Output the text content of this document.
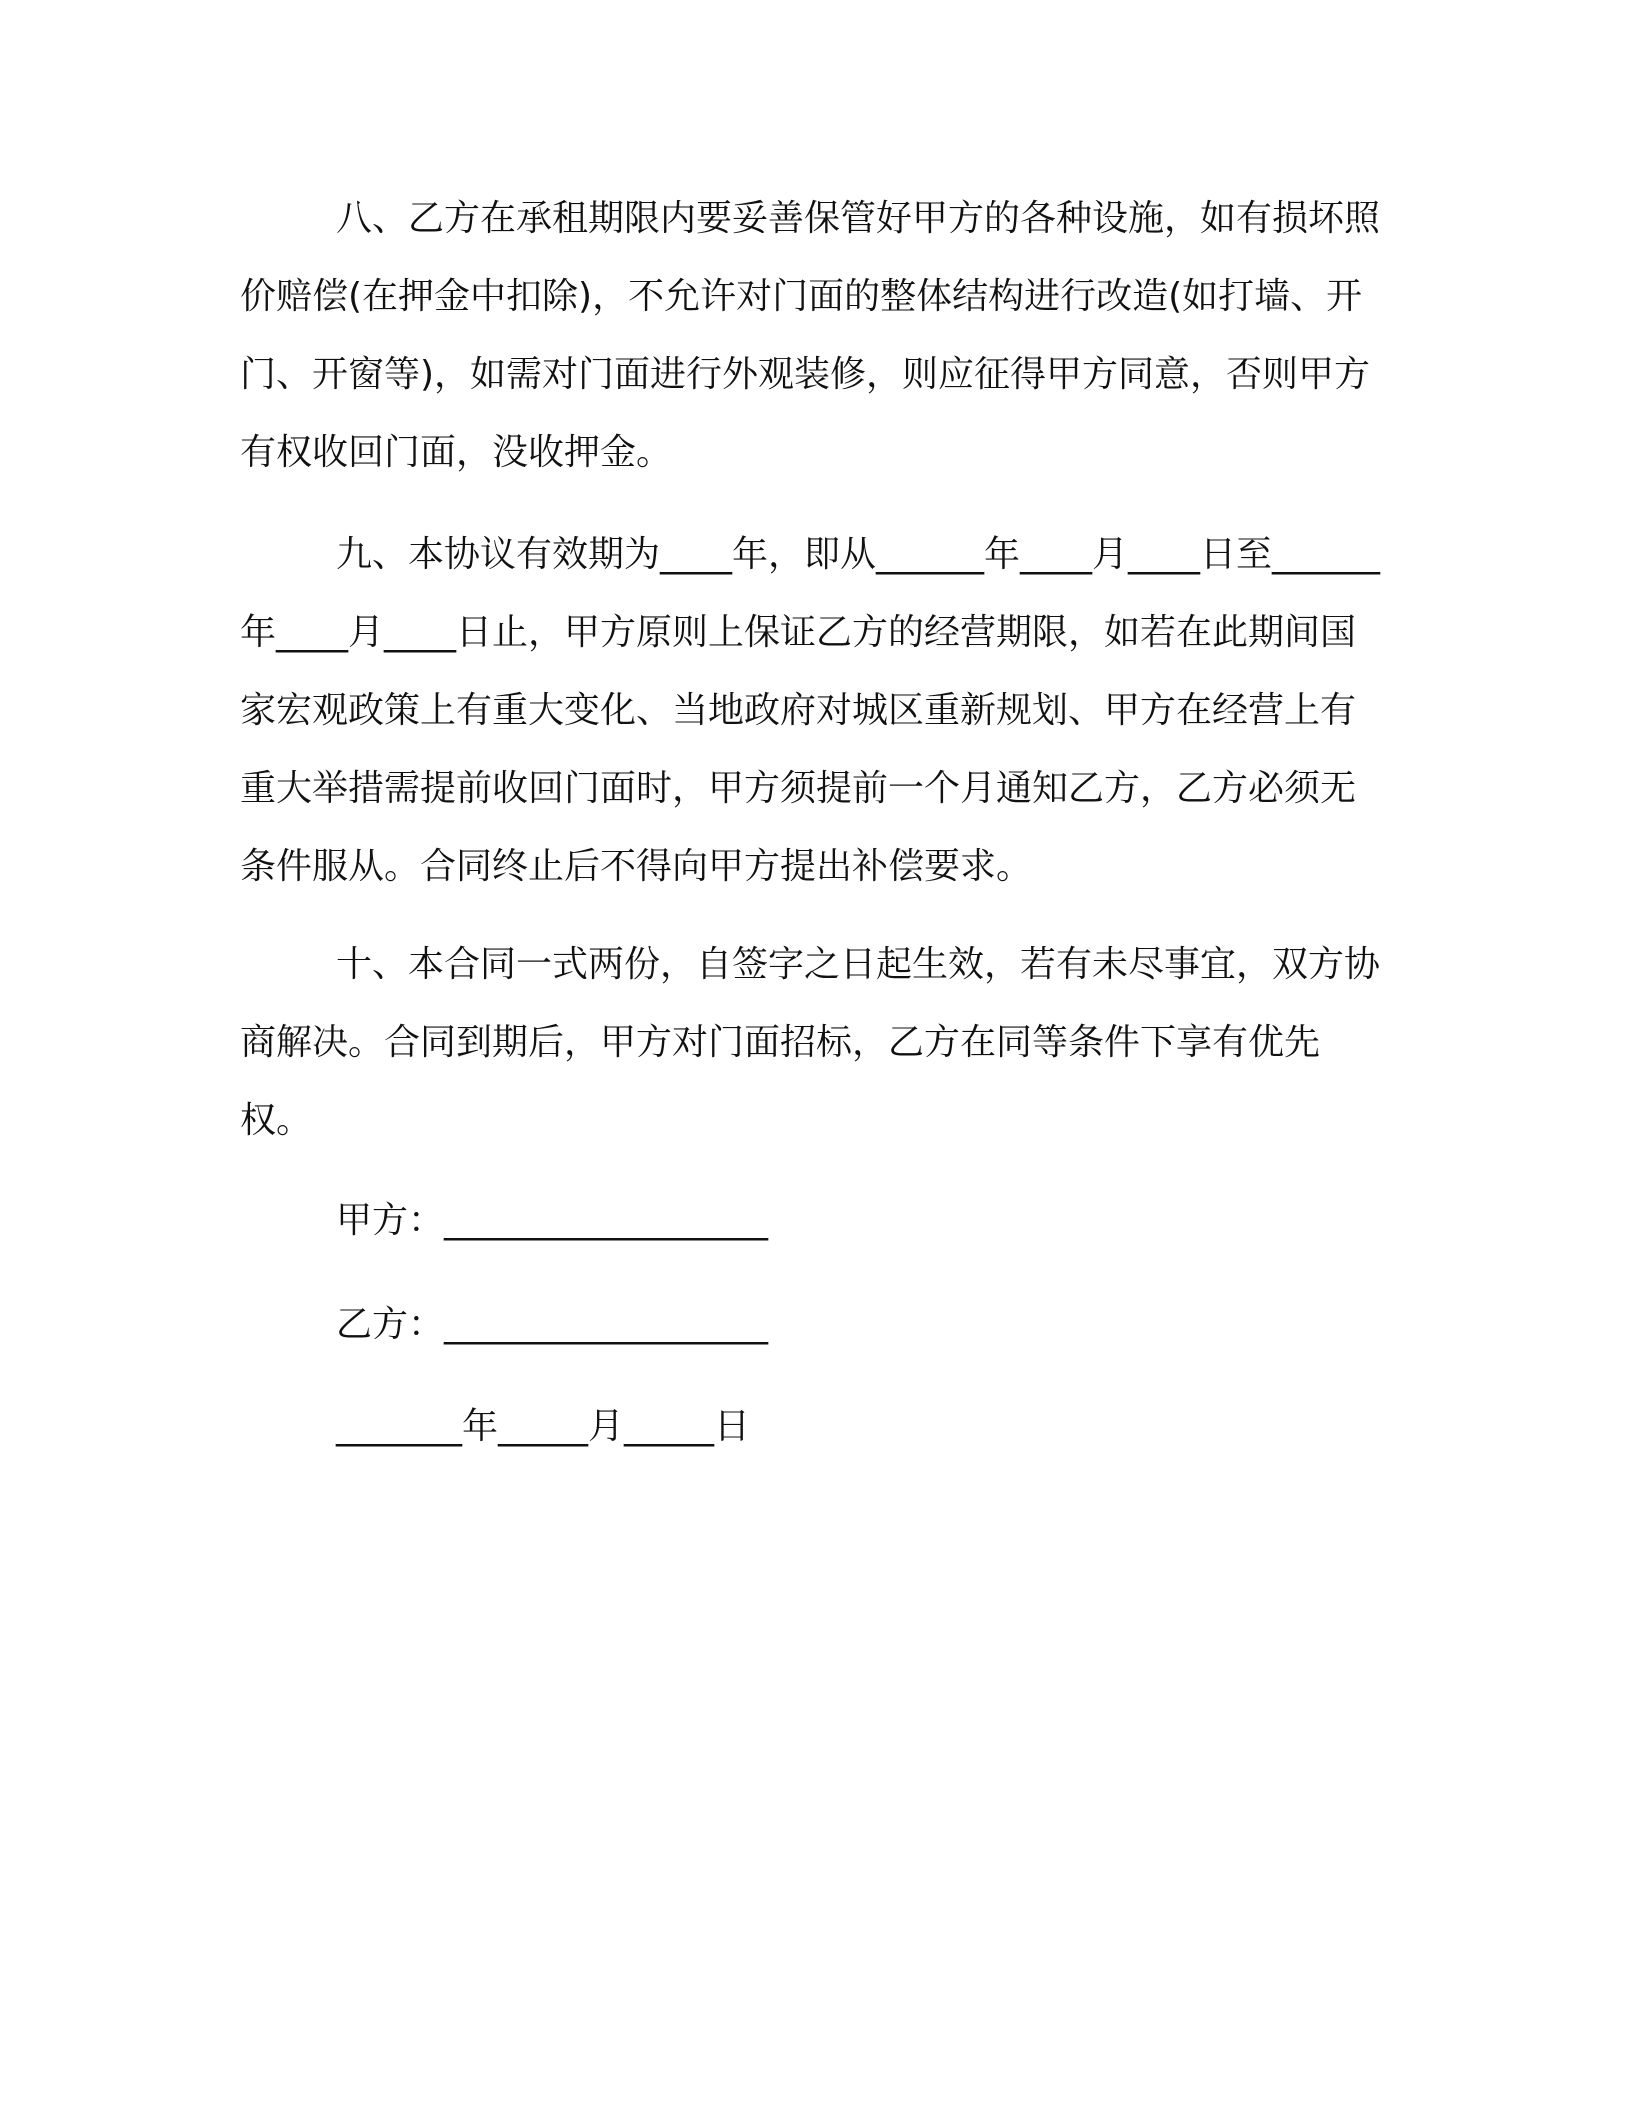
八、乙方在承租期限内要妥善保管好甲方的各种设施，如有损坏照价赔偿(在押金中扣除)，不允许对门面的整体结构进行改造(如打墙、开门、开窗等)，如需对门面进行外观装修，则应征得甲方同意，否则甲方有权收回门面，没收押金。

九、本协议有效期为____年，即从______年____月____日至______年____月____日止，甲方原则上保证乙方的经营期限，如若在此期间国家宏观政策上有重大变化、当地政府对城区重新规划、甲方在经营上有重大举措需提前收回门面时，甲方须提前一个月通知乙方，乙方必须无条件服从。合同终止后不得向甲方提出补偿要求。

十、本合同一式两份，自签字之日起生效，若有未尽事宜，双方协商解决。合同到期后，甲方对门面招标，乙方在同等条件下享有优先权。

甲方：__________________

乙方：__________________

_______年_____月_____日
